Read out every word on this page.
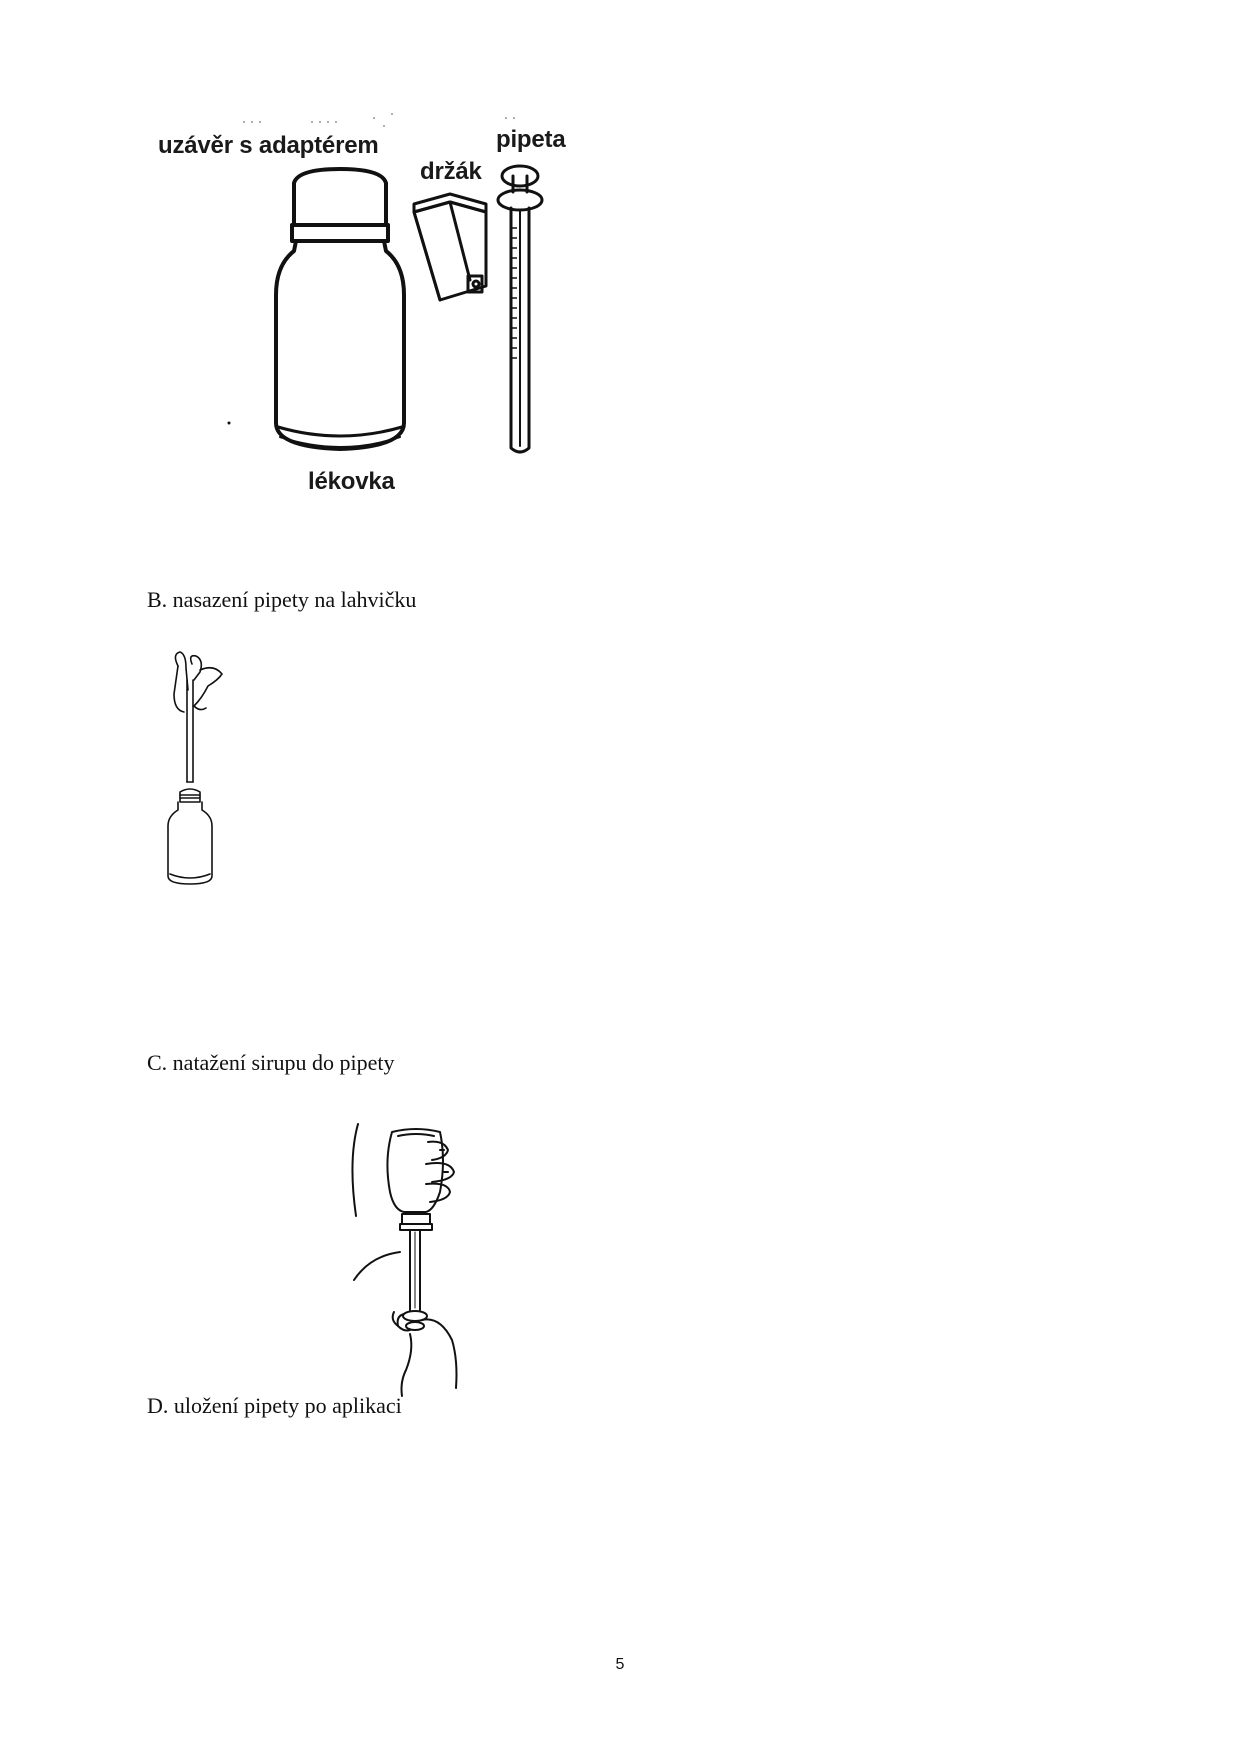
uzávěr s adaptérem
držák
pipeta
lékovka
B. nasazení pipety na lahvičku
C. natažení sirupu do pipety
D. uložení pipety po aplikaci
5
